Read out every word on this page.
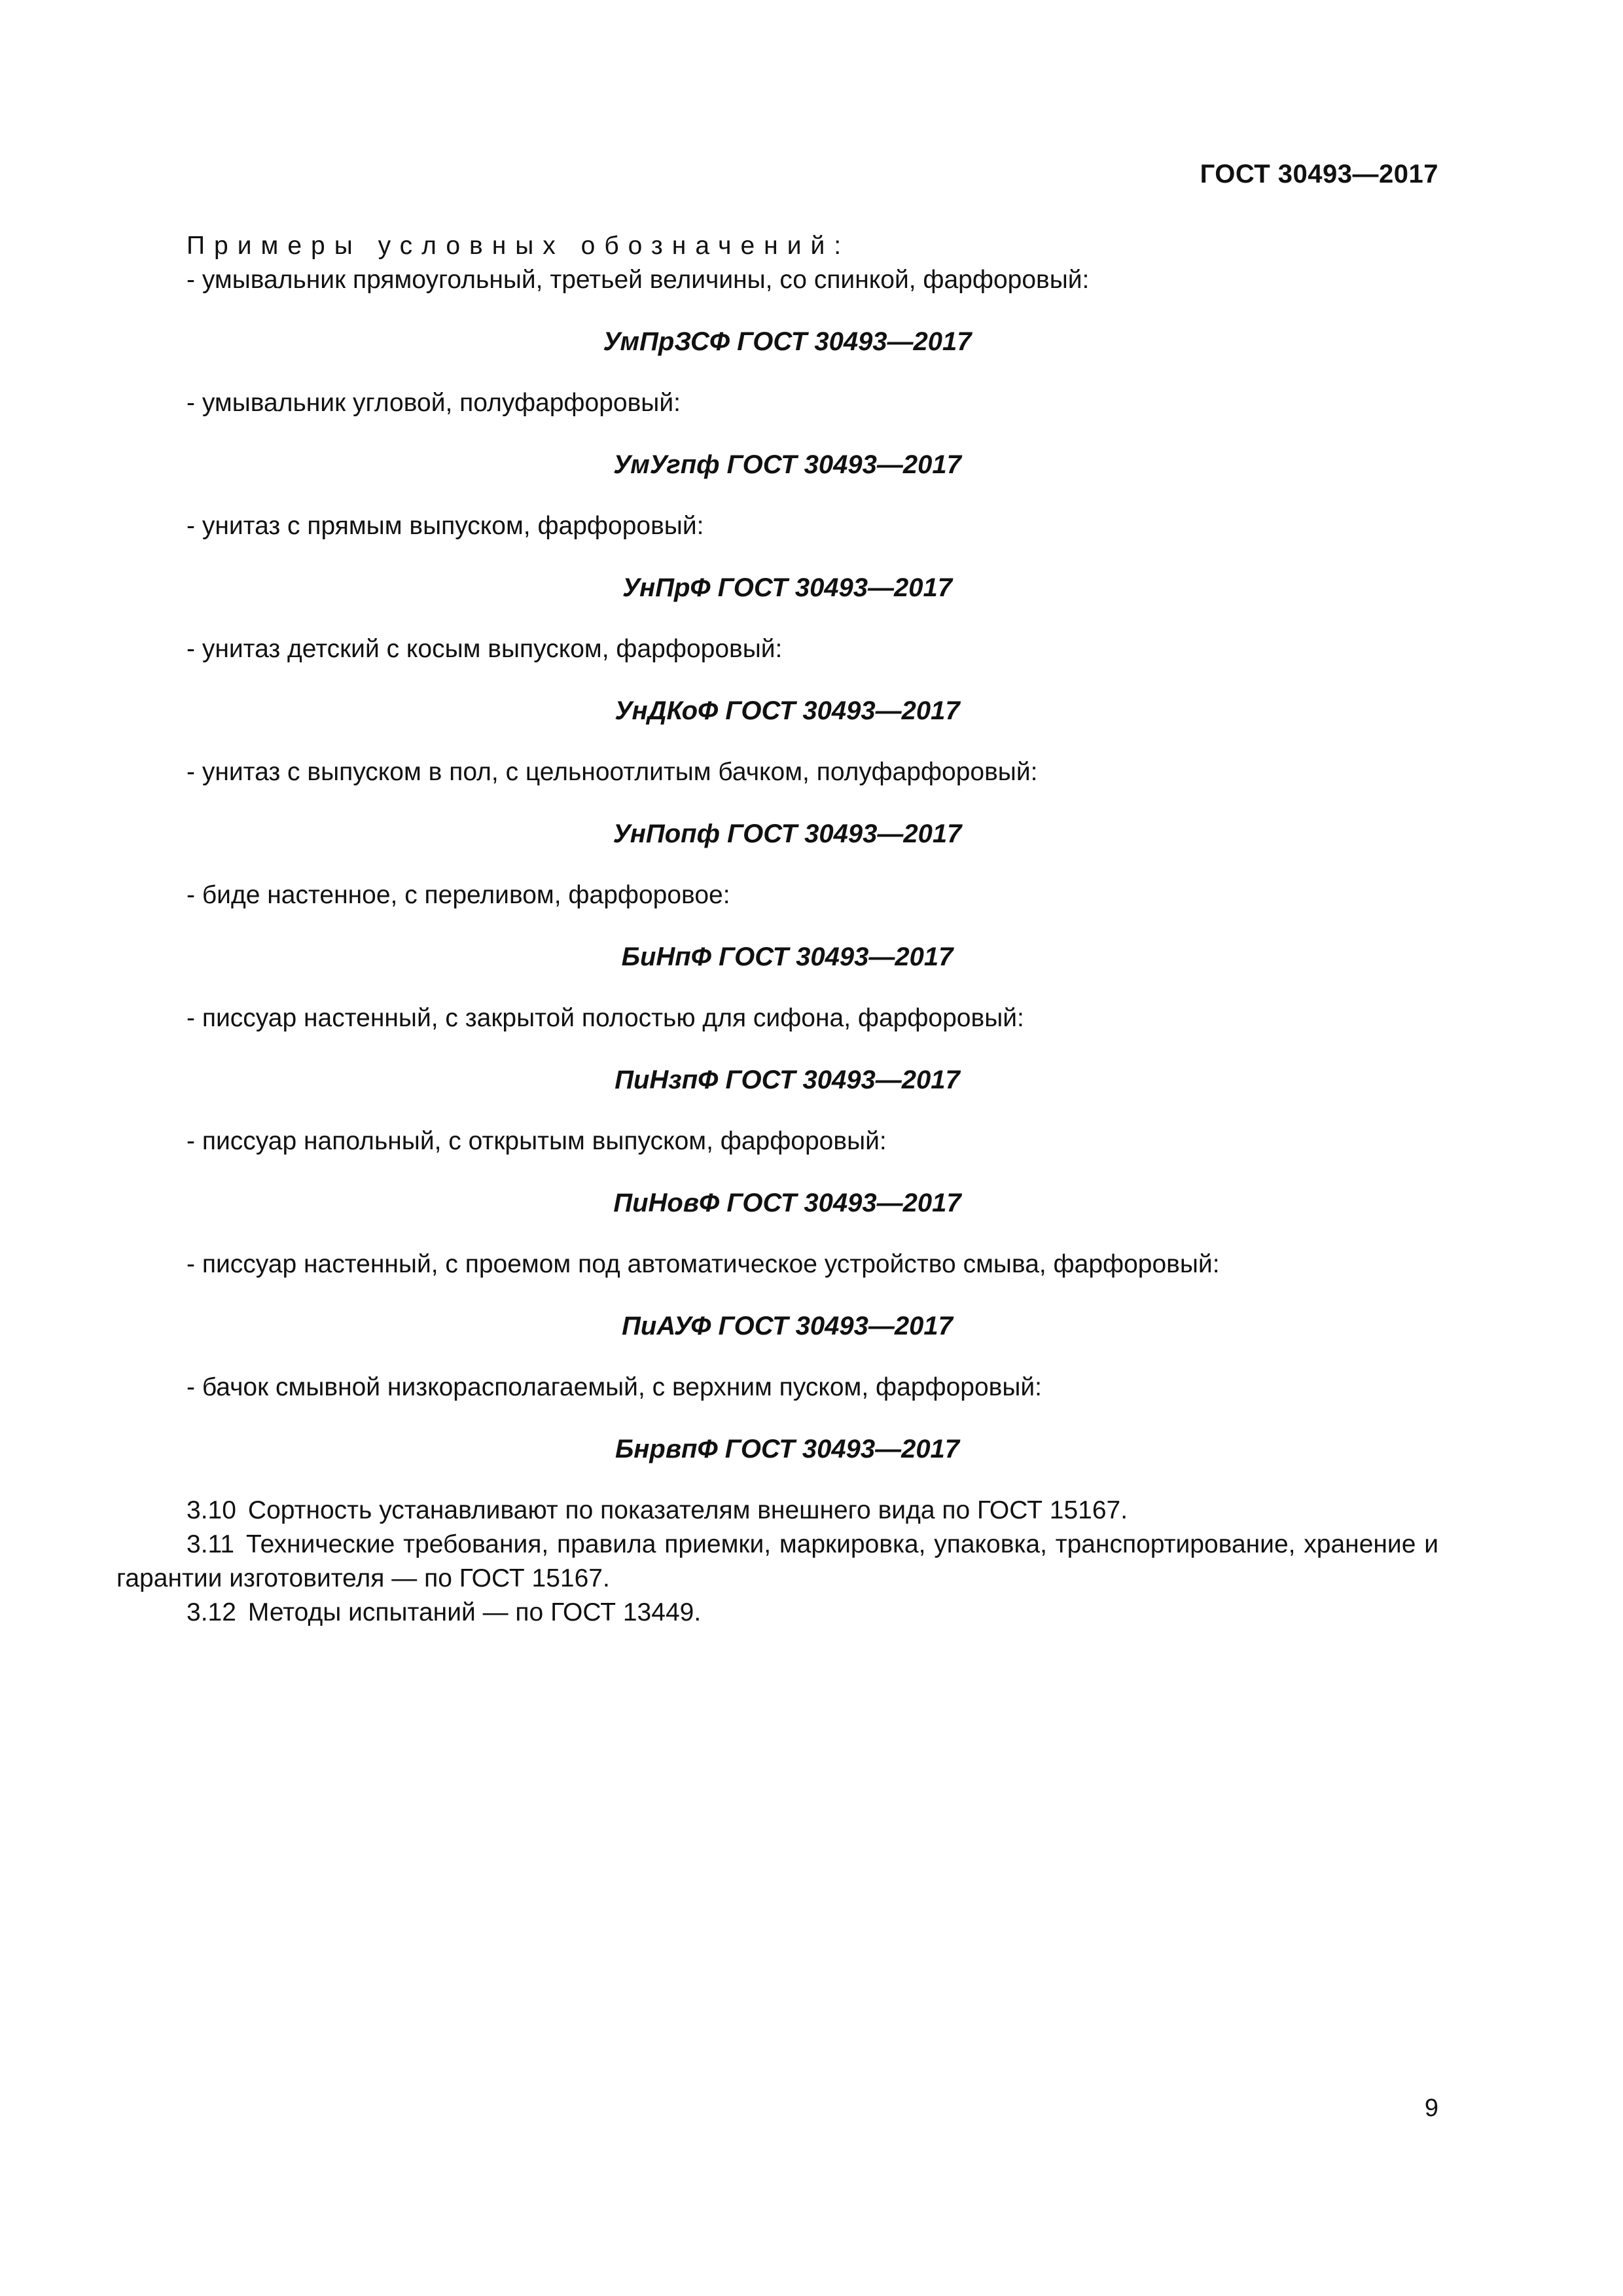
ГОСТ 30493—2017
Примеры условных обозначений:
- умывальник прямоугольный, третьей величины, со спинкой, фарфоровый:
УмПрЗСФ ГОСТ 30493—2017
- умывальник угловой, полуфарфоровый:
УмУгпф ГОСТ 30493—2017
- унитаз с прямым выпуском, фарфоровый:
УнПрФ ГОСТ 30493—2017
- унитаз детский с косым выпуском, фарфоровый:
УнДКоФ ГОСТ 30493—2017
- унитаз с выпуском в пол, с цельноотлитым бачком, полуфарфоровый:
УнПопф ГОСТ 30493—2017
- биде настенное, с переливом, фарфоровое:
БиНпФ ГОСТ 30493—2017
- писсуар настенный, с закрытой полостью для сифона, фарфоровый:
ПиНзпФ ГОСТ 30493—2017
- писсуар напольный, с открытым выпуском, фарфоровый:
ПиНовФ ГОСТ 30493—2017
- писсуар настенный, с проемом под автоматическое устройство смыва, фарфоровый:
ПиАУФ ГОСТ 30493—2017
- бачок смывной низкорасполагаемый, с верхним пуском, фарфоровый:
БнрвпФ ГОСТ 30493—2017
3.10 Сортность устанавливают по показателям внешнего вида по ГОСТ 15167.
3.11 Технические требования, правила приемки, маркировка, упаковка, транспортирование, хранение и гарантии изготовителя — по ГОСТ 15167.
3.12 Методы испытаний — по ГОСТ 13449.
9
